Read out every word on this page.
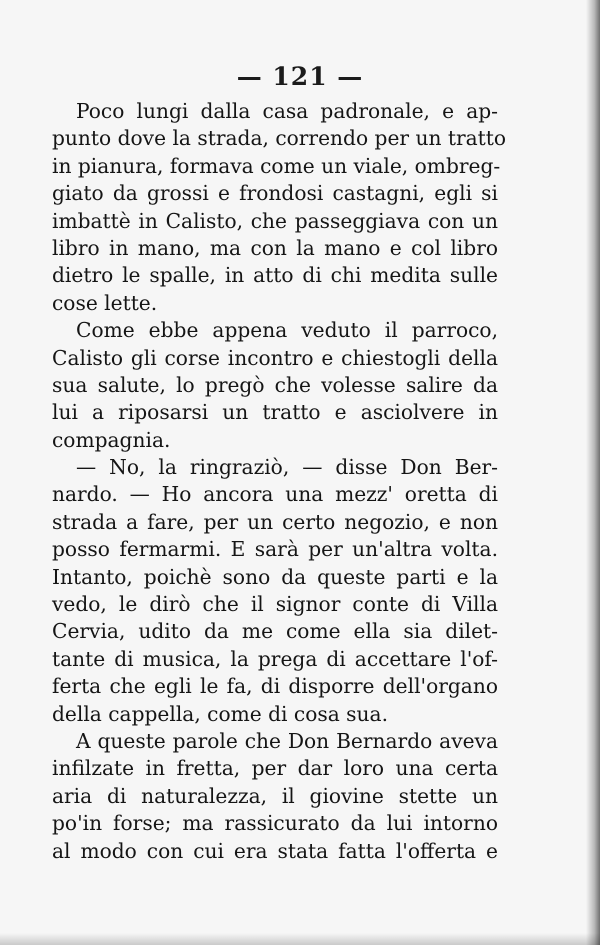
— 121 —
Poco lungi dalla casa padronale, e ap-
punto dove la strada, correndo per un tratto
in pianura, formava come un viale, ombreg-
giato da grossi e frondosi castagni, egli si
imbattè in Calisto, che passeggiava con un
libro in mano, ma con la mano e col libro
dietro le spalle, in atto di chi medita sulle
cose lette.
Come ebbe appena veduto il parroco,
Calisto gli corse incontro e chiestogli della
sua salute, lo pregò che volesse salire da
lui a riposarsi un tratto e asciolvere in
compagnia.
— No, la ringraziò, — disse Don Ber-
nardo. — Ho ancora una mezz' oretta di
strada a fare, per un certo negozio, e non
posso fermarmi. E sarà per un'altra volta.
Intanto, poichè sono da queste parti e la
vedo, le dirò che il signor conte di Villa
Cervia, udito da me come ella sia dilet-
tante di musica, la prega di accettare l'of-
ferta che egli le fa, di disporre dell'organo
della cappella, come di cosa sua.
A queste parole che Don Bernardo aveva
infilzate in fretta, per dar loro una certa
aria di naturalezza, il giovine stette un
po'in forse; ma rassicurato da lui intorno
al modo con cui era stata fatta l'offerta e
